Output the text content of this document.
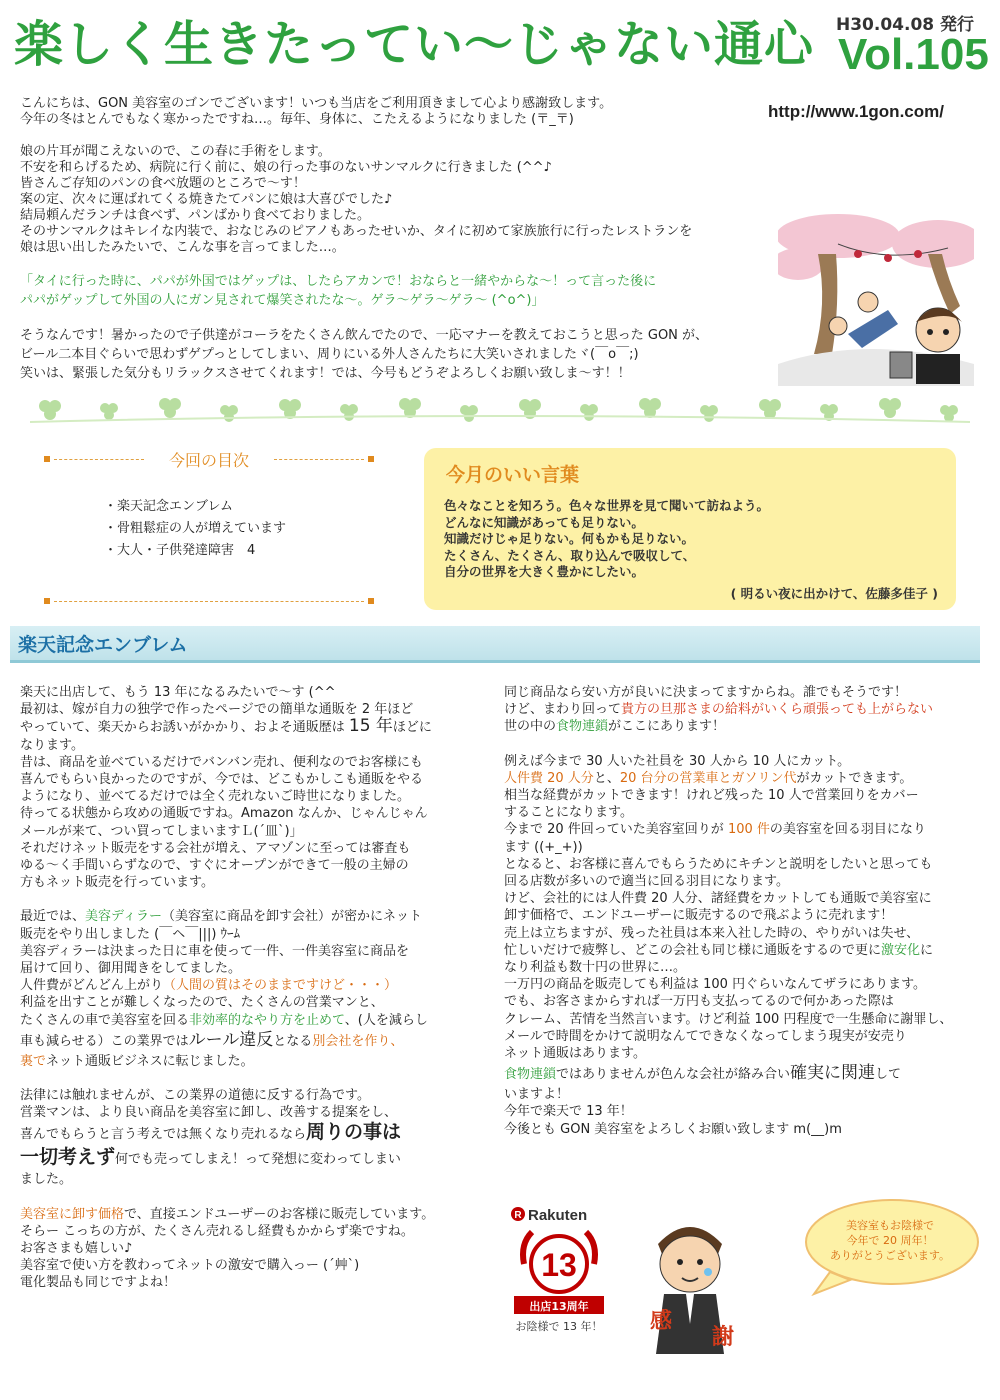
楽しく生きたってい〜じゃない通心 H30.04.08 発行
Vol.105
http://www.1gon.com/

こんにちは、GON 美容室のゴンでございます！いつも当店をご利用頂きまして心より感謝致します。

今年の冬はとんでもなく寒かったですね…。毎年、身体に、こたえるようになりました (〒_〒)

娘の片耳が聞こえないので、この春に手術をします。

不安を和らげるため、病院に行く前に、娘の行った事のないサンマルクに行きました (^^♪

皆さんご存知のパンの食べ放題のところで〜す！

案の定、次々に運ばれてくる焼きたてパンに娘は大喜びでした♪

結局頼んだランチは食べず、パンばかり食べておりました。

そのサンマルクはキレイな内装で、おなじみのピアノもあったせいか、タイに初めて家族旅行に行ったレストランを

娘は思い出したみたいで、こんな事を言ってました…。

「タイに行った時に、パパが外国ではゲップは、したらアカンで！おならと一緒やからな〜！って言った後に

パパがゲップして外国の人にガン見されて爆笑されたな〜。ゲラ〜ゲラ〜ゲラ〜 (^o^)」

そうなんです！暑かったので子供達がコーラをたくさん飲んでたので、一応マナーを教えておこうと思った GON が、

ビール二本目ぐらいで思わずゲプっとしてしまい、周りにいる外人さんたちに大笑いされましたヾ(￣o￣;)

笑いは、緊張した気分もリラックスさせてくれます！では、今号もどうぞよろしくお願い致しま〜す！！

今回の目次
・楽天記念エンブレム
・骨粗鬆症の人が増えています
・大人・子供発達障害　4
今月のいい言葉
色々なことを知ろう。色々な世界を見て聞いて訪ねよう。
どんなに知識があっても足りない。
知識だけじゃ足りない。何もかも足りない。
たくさん、たくさん、取り込んで吸収して、
自分の世界を大きく豊かにしたい。
( 明るい夜に出かけて、佐藤多佳子 )
楽天記念エンブレム

楽天に出店して、もう 13 年になるみたいで〜す (^^

最初は、嫁が自力の独学で作ったページでの簡単な通販を 2 年ほど

やっていて、楽天からお誘いがかかり、およそ通販歴は 15 年ほどに

なります。

昔は、商品を並べているだけでバンバン売れ、便利なのでお客様にも

喜んでもらい良かったのですが、今では、どこもかしこも通販をやる

ようになり、並べてるだけでは全く売れないご時世になりました。

待ってる状態から攻めの通販ですね。Amazon なんか、じゃんじゃん

メールが来て、つい買ってしまいますＬ(´皿`)」

それだけネット販売をする会社が増え、アマゾンに至っては審査も

ゆる〜く手間いらずなので、すぐにオープンができて一般の主婦の

方もネット販売を行っています。

最近では、美容ディラー（美容室に商品を卸す会社）が密かにネット

販売をやり出しました (￣ヘ￣|||) ｳｰﾑ

美容ディラーは決まった日に車を使って一件、一件美容室に商品を

届けて回り、御用聞きをしてました。

人件費がどんどん上がり（人間の質はそのままですけど・・・）

利益を出すことが難しくなったので、たくさんの営業マンと、

たくさんの車で美容室を回る非効率的なやり方を止めて、(人を減らし

車も減らせる）この業界ではルール違反となる別会社を作り、

裏でネット通販ビジネスに転じました。

法律には触れませんが、この業界の道徳に反する行為です。

営業マンは、より良い商品を美容室に卸し、改善する提案をし、

喜んでもらうと言う考えでは無くなり売れるなら周りの事は

一切考えず何でも売ってしまえ！って発想に変わってしまい

ました。

美容室に卸す価格で、直接エンドユーザーのお客様に販売しています。

そらー こっちの方が、たくさん売れるし経費もかからず楽ですね。

お客さまも嬉しい♪

美容室で使い方を教わってネットの激安で購入っー (´艸`)

電化製品も同じですよね！

同じ商品なら安い方が良いに決まってますからね。誰でもそうです！

けど、まわり回って貴方の旦那さまの給料がいくら頑張っても上がらない

世の中の食物連鎖がここにあります！

例えば今まで 30 人いた社員を 30 人から 10 人にカット。

人件費 20 人分と、20 台分の営業車とガソリン代がカットできます。

相当な経費がカットできます！けれど残った 10 人で営業回りをカバー

することになります。

今まで 20 件回っていた美容室回りが 100 件の美容室を回る羽目になり

ます ((+_+))

となると、お客様に喜んでもらうためにキチンと説明をしたいと思っても

回る店数が多いので適当に回る羽目になります。

けど、会社的には人件費 20 人分、諸経費をカットしても通販で美容室に

卸す価格で、エンドユーザーに販売するので飛ぶように売れます！

売上は立ちますが、残った社員は本来入社した時の、やりがいは失せ、

忙しいだけで疲弊し、どこの会社も同じ様に通販をするので更に激安化に

なり利益も数十円の世界に…。

一万円の商品を販売しても利益は 100 円ぐらいなんてザラにあります。

でも、お客さまからすれば一万円も支払ってるので何かあった際は

クレーム、苦情を当然言います。けど利益 100 円程度で一生懸命に謝罪し、

メールで時間をかけて説明なんてできなくなってしまう現実が安売り

ネット通販はあります。

食物連鎖ではありませんが色んな会社が絡み合い確実に関連して

いますよ！

今年で楽天で 13 年！

今後とも GON 美容室をよろしくお願い致します m(__)m

R Rakuten
13
出店13周年
お陰様で 13 年！	感
謝
美容室もお陰様で
今年で 20 周年！
ありがとうございます。
